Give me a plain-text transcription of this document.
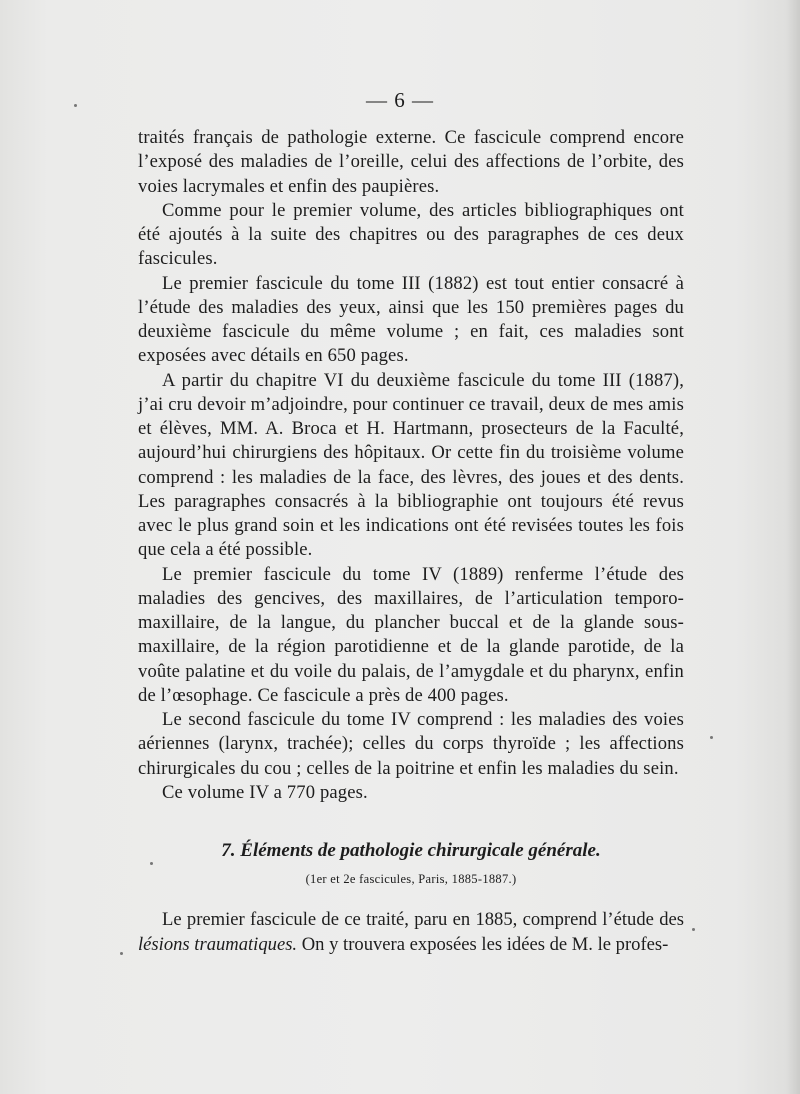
— 6 —

traités français de pathologie externe. Ce fascicule comprend encore l’exposé des maladies de l’oreille, celui des affections de l’orbite, des voies lacrymales et enfin des paupières.

Comme pour le premier volume, des articles bibliographiques ont été ajoutés à la suite des chapitres ou des paragraphes de ces deux fascicules.

Le premier fascicule du tome III (1882) est tout entier consacré à l’étude des maladies des yeux, ainsi que les 150 premières pages du deuxième fascicule du même volume ; en fait, ces maladies sont exposées avec détails en 650 pages.

A partir du chapitre VI du deuxième fascicule du tome III (1887), j’ai cru devoir m’adjoindre, pour continuer ce travail, deux de mes amis et élèves, MM. A. Broca et H. Hartmann, prosecteurs de la Faculté, aujourd’hui chirurgiens des hôpitaux. Or cette fin du troisième volume comprend : les maladies de la face, des lèvres, des joues et des dents. Les paragraphes consacrés à la bibliographie ont toujours été revus avec le plus grand soin et les indications ont été revisées toutes les fois que cela a été possible.

Le premier fascicule du tome IV (1889) renferme l’étude des maladies des gencives, des maxillaires, de l’articulation temporo-maxillaire, de la langue, du plancher buccal et de la glande sous-maxillaire, de la région parotidienne et de la glande parotide, de la voûte palatine et du voile du palais, de l’amygdale et du pharynx, enfin de l’œsophage. Ce fascicule a près de 400 pages.

Le second fascicule du tome IV comprend : les maladies des voies aériennes (larynx, trachée); celles du corps thyroïde ; les affections chirurgicales du cou ; celles de la poitrine et enfin les maladies du sein.

Ce volume IV a 770 pages.

7. Éléments de pathologie chirurgicale générale.
(1er et 2e fascicules, Paris, 1885-1887.)

Le premier fascicule de ce traité, paru en 1885, comprend l’étude des lésions traumatiques. On y trouvera exposées les idées de M. le profes-
